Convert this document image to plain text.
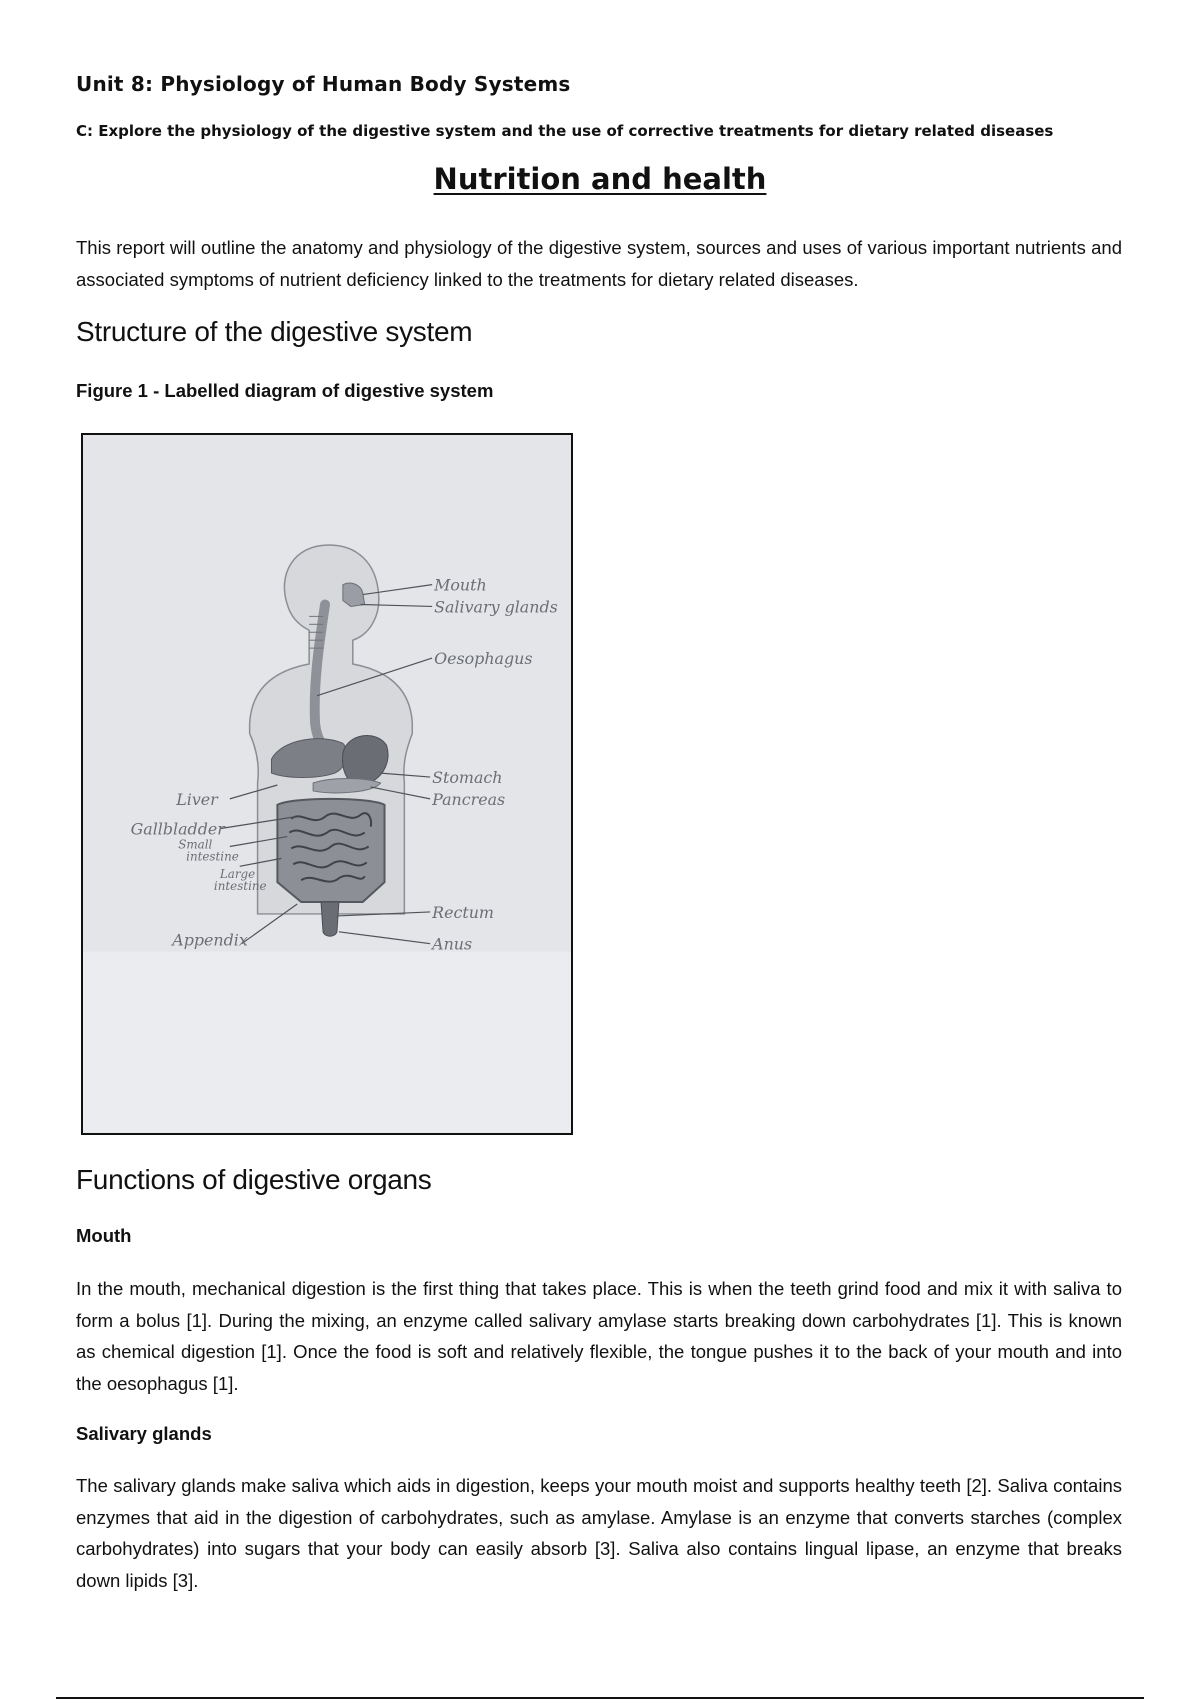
Unit 8: Physiology of Human Body Systems
C: Explore the physiology of the digestive system and the use of corrective treatments for dietary related diseases
Nutrition and health

This report will outline the anatomy and physiology of the digestive system, sources and uses of various important nutrients and associated symptoms of nutrient deficiency linked to the treatments for dietary related diseases.

Structure of the digestive system
Figure 1 - Labelled diagram of digestive system
Mouth
Salivary glands
Oesophagus
Stomach
Pancreas
Liver
Gallbladder
Small
intestine
Large
intestine
Rectum
Anus
Appendix
Functions of digestive organs
Mouth

In the mouth, mechanical digestion is the first thing that takes place. This is when the teeth grind food and mix it with saliva to form a bolus [1]. During the mixing, an enzyme called salivary amylase starts breaking down carbohydrates [1]. This is known as chemical digestion [1]. Once the food is soft and relatively flexible, the tongue pushes it to the back of your mouth and into the oesophagus [1].

Salivary glands

The salivary glands make saliva which aids in digestion, keeps your mouth moist and supports healthy teeth [2]. Saliva contains enzymes that aid in the digestion of carbohydrates, such as amylase. Amylase is an enzyme that converts starches (complex carbohydrates) into sugars that your body can easily absorb [3]. Saliva also contains lingual lipase, an enzyme that breaks down lipids [3].
